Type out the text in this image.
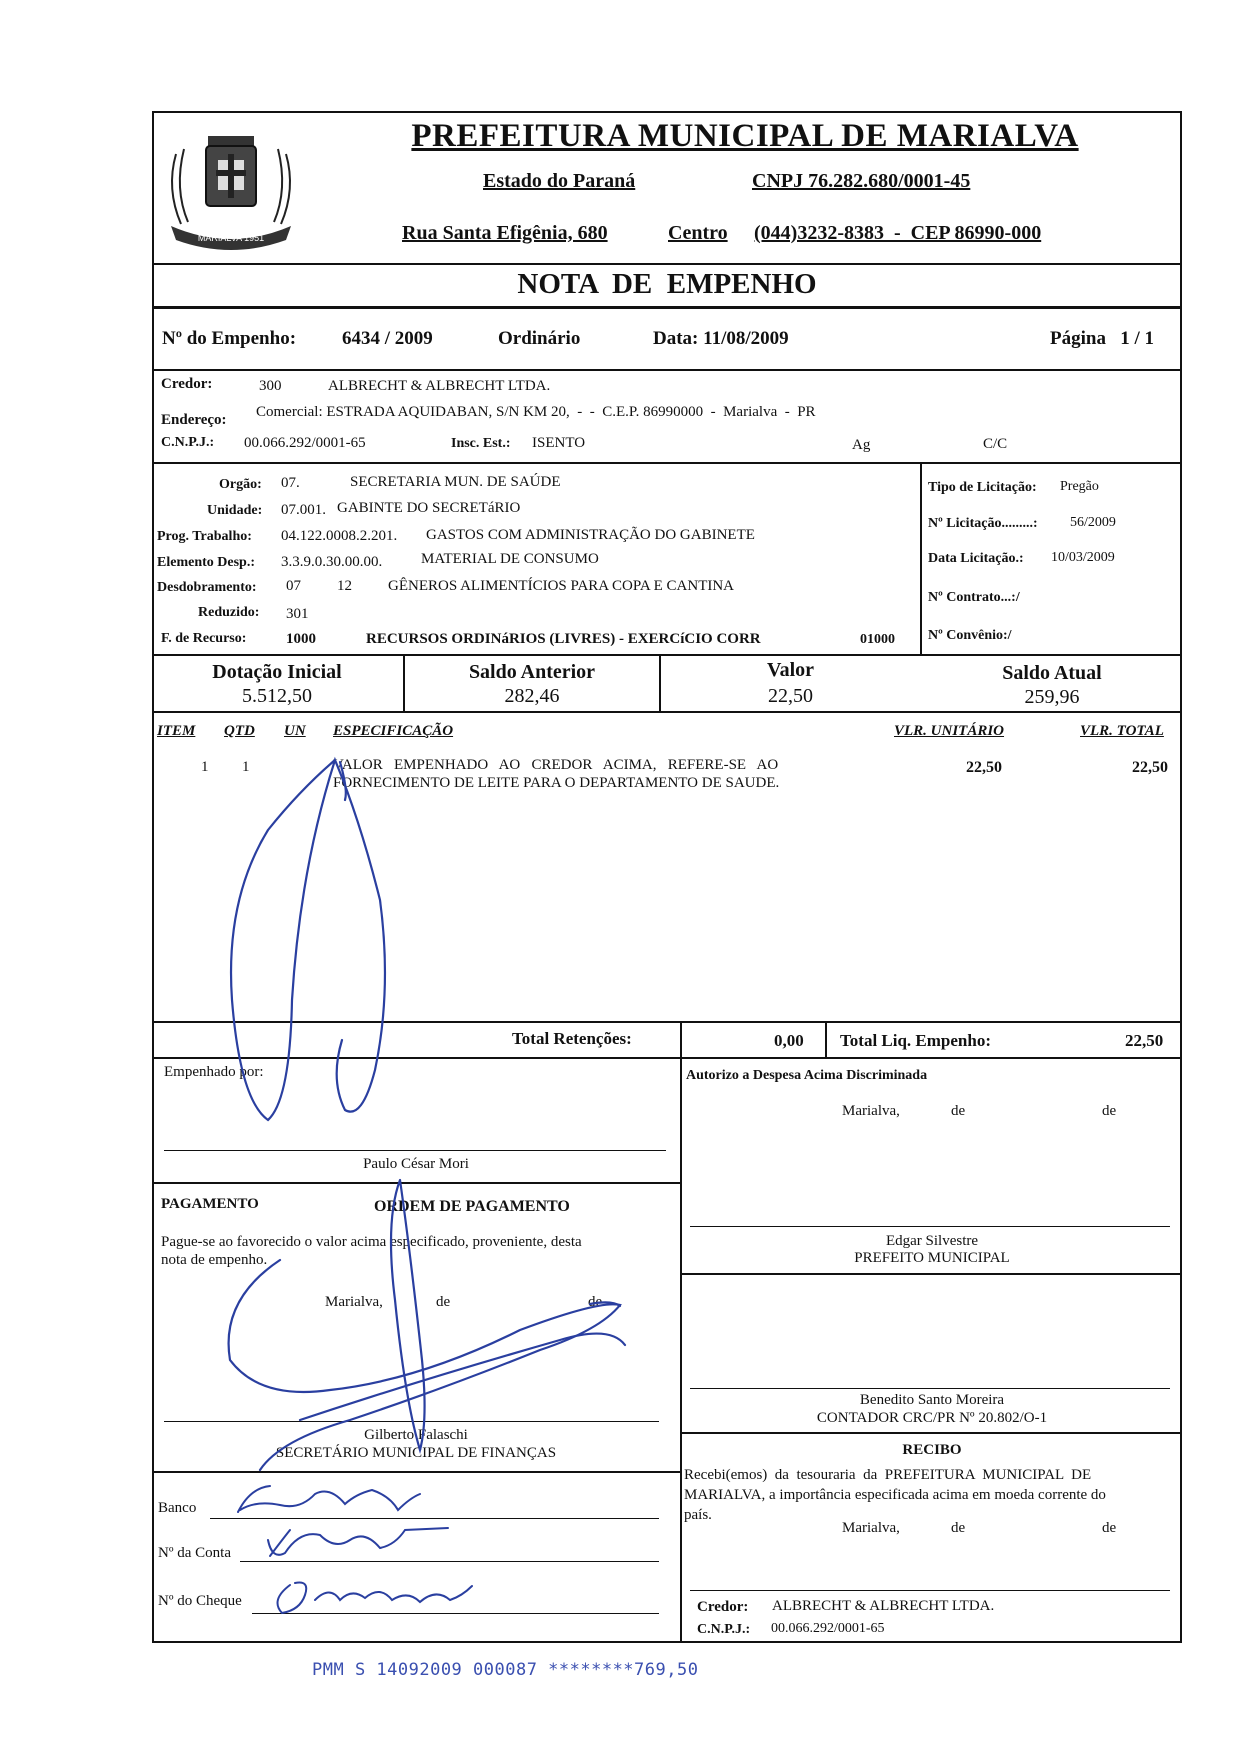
MARIALVA 1951
PREFEITURA MUNICIPAL DE MARIALVA
Estado do Paraná	CNPJ 76.282.680/0001-45
Rua Santa Efigênia, 680	Centro (044)3232-8383  -  CEP 86990-000
NOTA  DE  EMPENHO
Nº do Empenho: 6434 / 2009	Ordinário	Data: 11/08/2009	Página   1 / 1
Credor:	300	ALBRECHT & ALBRECHT LTDA.
Endereço: Comercial: ESTRADA AQUIDABAN, S/N KM 20,  -  -  C.E.P. 86990000  -  Marialva  -  PR
C.N.P.J.: 00.066.292/0001-65	Insc. Est.: ISENTO	Ag	C/C
Orgão: 07.	SECRETARIA MUN. DE SAÚDE
Unidade: 07.001. GABINTE DO SECRETáRIO
Prog. Trabalho: 04.122.0008.2.201. GASTOS COM ADMINISTRAÇÃO DO GABINETE
Elemento Desp.: 3.3.9.0.30.00.00.	MATERIAL DE CONSUMO
Desdobramento: 07 12 GÊNEROS ALIMENTÍCIOS PARA COPA E CANTINA
Reduzido: 301
F. de Recurso:	1000	RECURSOS ORDINáRIOS (LIVRES) - EXERCíCIO CORR	01000
Tipo de Licitação: Pregão
Nº Licitação.........: 56/2009
Data Licitação.: 10/03/2009
Nº Contrato...:/
Nº Convênio:/
Dotação Inicial
5.512,50
Saldo Anterior
282,46
Valor
22,50
Saldo Atual
259,96
ITEM QTD UN ESPECIFICAÇÃO	VLR. UNITÁRIO	VLR. TOTAL
1 1	VALOR   EMPENHADO   AO   CREDOR   ACIMA,   REFERE-SE   AO
FORNECIMENTO DE LEITE PARA O DEPARTAMENTO DE SAUDE.
22,50	22,50
Total Retenções:	0,00 Total Liq. Empenho:	22,50
Empenhado por:
Paulo César Mori
PAGAMENTO	ORDEM DE PAGAMENTO
Pague-se ao favorecido o valor acima especificado, proveniente, desta
nota de empenho.
Marialva,	de	de
Gilberto Falaschi
SECRETÁRIO MUNICIPAL DE FINANÇAS
Banco
Nº da Conta
Nº do Cheque
Autorizo a Despesa Acima Discriminada
Marialva,	de	de
Edgar Silvestre
PREFEITO MUNICIPAL
Benedito Santo Moreira
CONTADOR CRC/PR Nº 20.802/O-1
RECIBO
Recebi(emos)  da  tesouraria  da  PREFEITURA  MUNICIPAL  DE
MARIALVA, a importância especificada acima em moeda corrente do
país.
Marialva,	de	de
Credor: ALBRECHT & ALBRECHT LTDA.
C.N.P.J.: 00.066.292/0001-65
PMM S 14092009 000087 ********769,50
